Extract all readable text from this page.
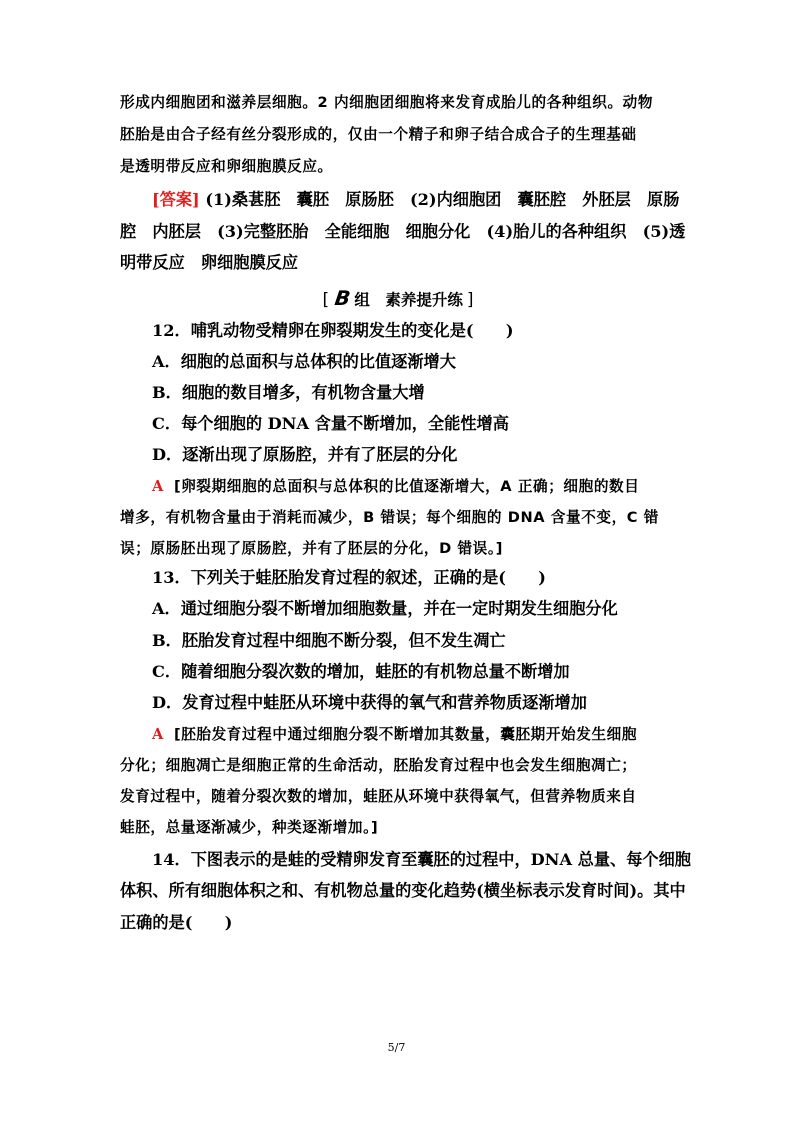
形成内细胞团和滋养层细胞。2 内细胞团细胞将来发育成胎儿的各种组织。动物
胚胎是由合子经有丝分裂形成的，仅由一个精子和卵子结合成合子的生理基础
是透明带反应和卵细胞膜反应。
[答案] (1)桑葚胚　囊胚　原肠胚　(2)内细胞团　囊胚腔　外胚层　原肠
腔　内胚层　(3)完整胚胎　全能细胞　细胞分化　(4)胎儿的各种组织　(5)透
明带反应　卵细胞膜反应
[ B 组　素养提升练 ]
12．哺乳动物受精卵在卵裂期发生的变化是(　　)
A．细胞的总面积与总体积的比值逐渐增大
B．细胞的数目增多，有机物含量大增
C．每个细胞的 DNA 含量不断增加，全能性增高
D．逐渐出现了原肠腔，并有了胚层的分化
A [卵裂期细胞的总面积与总体积的比值逐渐增大，A 正确；细胞的数目
增多，有机物含量由于消耗而减少，B 错误；每个细胞的 DNA 含量不变，C 错
误；原肠胚出现了原肠腔，并有了胚层的分化，D 错误。]
13．下列关于蛙胚胎发育过程的叙述，正确的是(　　)
A．通过细胞分裂不断增加细胞数量，并在一定时期发生细胞分化
B．胚胎发育过程中细胞不断分裂，但不发生凋亡
C．随着细胞分裂次数的增加，蛙胚的有机物总量不断增加
D．发育过程中蛙胚从环境中获得的氧气和营养物质逐渐增加
A [胚胎发育过程中通过细胞分裂不断增加其数量，囊胚期开始发生细胞
分化；细胞凋亡是细胞正常的生命活动，胚胎发育过程中也会发生细胞凋亡；
发育过程中，随着分裂次数的增加，蛙胚从环境中获得氧气，但营养物质来自
蛙胚，总量逐渐减少，种类逐渐增加。]
14．下图表示的是蛙的受精卵发育至囊胚的过程中，DNA 总量、每个细胞
体积、所有细胞体积之和、有机物总量的变化趋势(横坐标表示发育时间)。其中
正确的是(　　)
5/7
